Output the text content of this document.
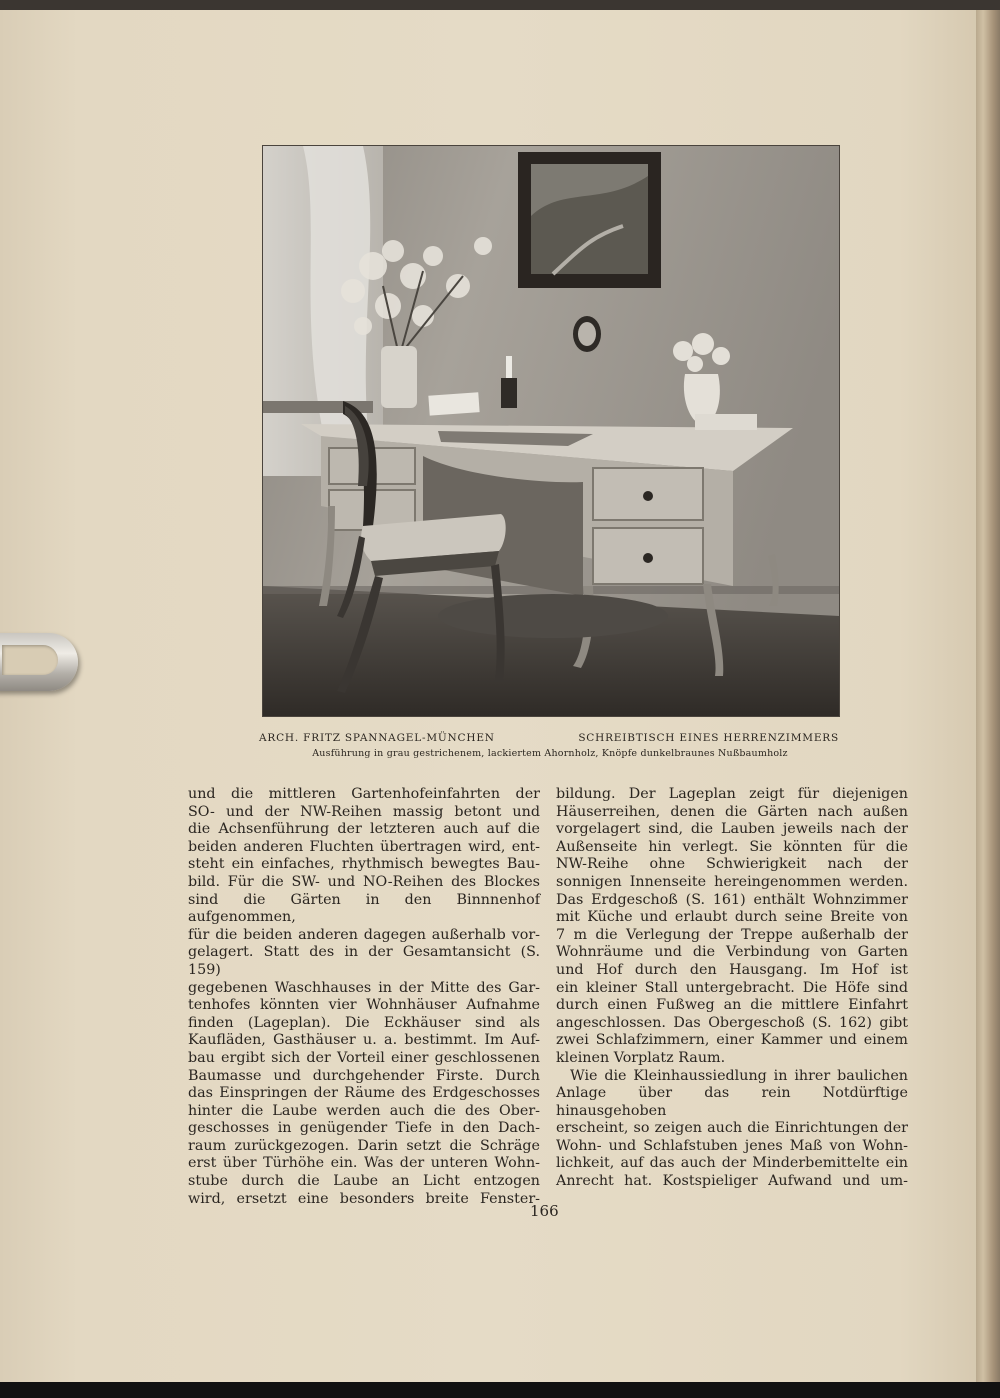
ARCH. FRITZ SPANNAGEL-MÜNCHEN	SCHREIBTISCH EINES HERRENZIMMERS
Ausführung in grau gestrichenem, lackiertem Ahornholz, Knöpfe dunkelbraunes Nußbaumholz

und die mittleren Gartenhofeinfahrten der

SO- und der NW-Reihen massig betont und

die Achsenführung der letzteren auch auf die

beiden anderen Fluchten übertragen wird, ent-

steht ein einfaches, rhythmisch bewegtes Bau-

bild. Für die SW- und NO-Reihen des Blockes

sind die Gärten in den Binnnenhof aufgenommen,

für die beiden anderen dagegen außerhalb vor-

gelagert. Statt des in der Gesamtansicht (S. 159)

gegebenen Waschhauses in der Mitte des Gar-

tenhofes könnten vier Wohnhäuser Aufnahme

finden (Lageplan). Die Eckhäuser sind als

Kaufläden, Gasthäuser u. a. bestimmt. Im Auf-

bau ergibt sich der Vorteil einer geschlossenen

Baumasse und durchgehender Firste. Durch

das Einspringen der Räume des Erdgeschosses

hinter die Laube werden auch die des Ober-

geschosses in genügender Tiefe in den Dach-

raum zurückgezogen. Darin setzt die Schräge

erst über Türhöhe ein. Was der unteren Wohn-

stube durch die Laube an Licht entzogen

wird, ersetzt eine besonders breite Fenster-

bildung. Der Lageplan zeigt für diejenigen

Häuserreihen, denen die Gärten nach außen

vorgelagert sind, die Lauben jeweils nach der

Außenseite hin verlegt. Sie könnten für die

NW-Reihe ohne Schwierigkeit nach der

sonnigen Innenseite hereingenommen werden.

Das Erdgeschoß (S. 161) enthält Wohnzimmer

mit Küche und erlaubt durch seine Breite von

7 m die Verlegung der Treppe außerhalb der

Wohnräume und die Verbindung von Garten

und Hof durch den Hausgang. Im Hof ist

ein kleiner Stall untergebracht. Die Höfe sind

durch einen Fußweg an die mittlere Einfahrt

angeschlossen. Das Obergeschoß (S. 162) gibt

zwei Schlafzimmern, einer Kammer und einem

kleinen Vorplatz Raum.

Wie die Kleinhaussiedlung in ihrer baulichen

Anlage über das rein Notdürftige hinausgehoben

erscheint, so zeigen auch die Einrichtungen der

Wohn- und Schlafstuben jenes Maß von Wohn-

lichkeit, auf das auch der Minderbemittelte ein

Anrecht hat. Kostspieliger Aufwand und um-

166
